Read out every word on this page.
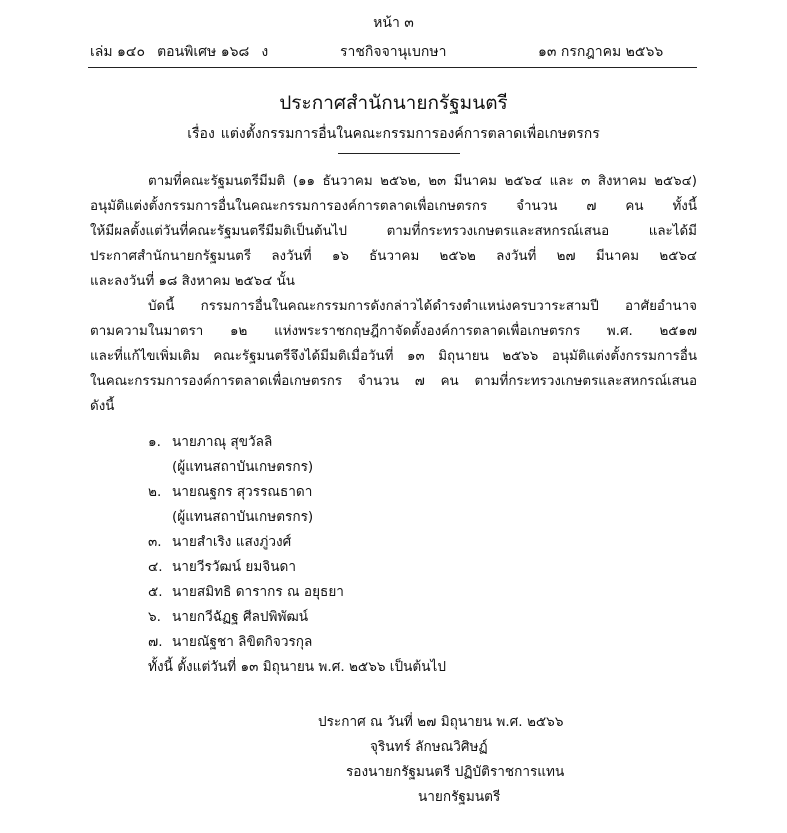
หน้า ๓
เล่ม ๑๔๐ ตอนพิเศษ ๑๖๘ ง	ราชกิจจานุเบกษา	๑๓ กรกฎาคม ๒๕๖๖
ประกาศสำนักนายกรัฐมนตรี
เรื่อง แต่งตั้งกรรมการอื่นในคณะกรรมการองค์การตลาดเพื่อเกษตรกร
ตามที่คณะรัฐมนตรีมีมติ (๑๑ ธันวาคม ๒๕๖๒, ๒๓ มีนาคม ๒๕๖๔ และ ๓ สิงหาคม ๒๕๖๔)
อนุมัติแต่งตั้งกรรมการอื่นในคณะกรรมการองค์การตลาดเพื่อเกษตรกร จำนวน ๗ คน ทั้งนี้
ให้มีผลตั้งแต่วันที่คณะรัฐมนตรีมีมติเป็นต้นไป ตามที่กระทรวงเกษตรและสหกรณ์เสนอ และได้มี
ประกาศสำนักนายกรัฐมนตรี ลงวันที่ ๑๖ ธันวาคม ๒๕๖๒ ลงวันที่ ๒๗ มีนาคม ๒๕๖๔
และลงวันที่ ๑๘ สิงหาคม ๒๕๖๔ นั้น
บัดนี้ กรรมการอื่นในคณะกรรมการดังกล่าวได้ดำรงตำแหน่งครบวาระสามปี อาศัยอำนาจ
ตามความในมาตรา ๑๒ แห่งพระราชกฤษฎีกาจัดตั้งองค์การตลาดเพื่อเกษตรกร พ.ศ. ๒๕๑๗
และที่แก้ไขเพิ่มเติม คณะรัฐมนตรีจึงได้มีมติเมื่อวันที่ ๑๓ มิถุนายน ๒๕๖๖ อนุมัติแต่งตั้งกรรมการอื่น
ในคณะกรรมการองค์การตลาดเพื่อเกษตรกร จำนวน ๗ คน ตามที่กระทรวงเกษตรและสหกรณ์เสนอ
ดังนี้
๑. นายภาณุ สุขวัลลิ
(ผู้แทนสถาบันเกษตรกร)
๒. นายณฐกร สุวรรณธาดา
(ผู้แทนสถาบันเกษตรกร)
๓. นายสำเริง แสงภู่วงศ์
๔. นายวีรวัฒน์ ยมจินดา
๕. นายสมิทธิ ดารากร ณ อยุธยา
๖. นายกวีฉัฏฐ ศีลปพิพัฒน์
๗. นายณัฐชา ลิขิตกิจวรกุล
ทั้งนี้ ตั้งแต่วันที่ ๑๓ มิถุนายน พ.ศ. ๒๕๖๖ เป็นต้นไป
ประกาศ ณ วันที่ ๒๗ มิถุนายน พ.ศ. ๒๕๖๖
จุรินทร์ ลักษณวิศิษฏ์
รองนายกรัฐมนตรี ปฏิบัติราชการแทน
นายกรัฐมนตรี
